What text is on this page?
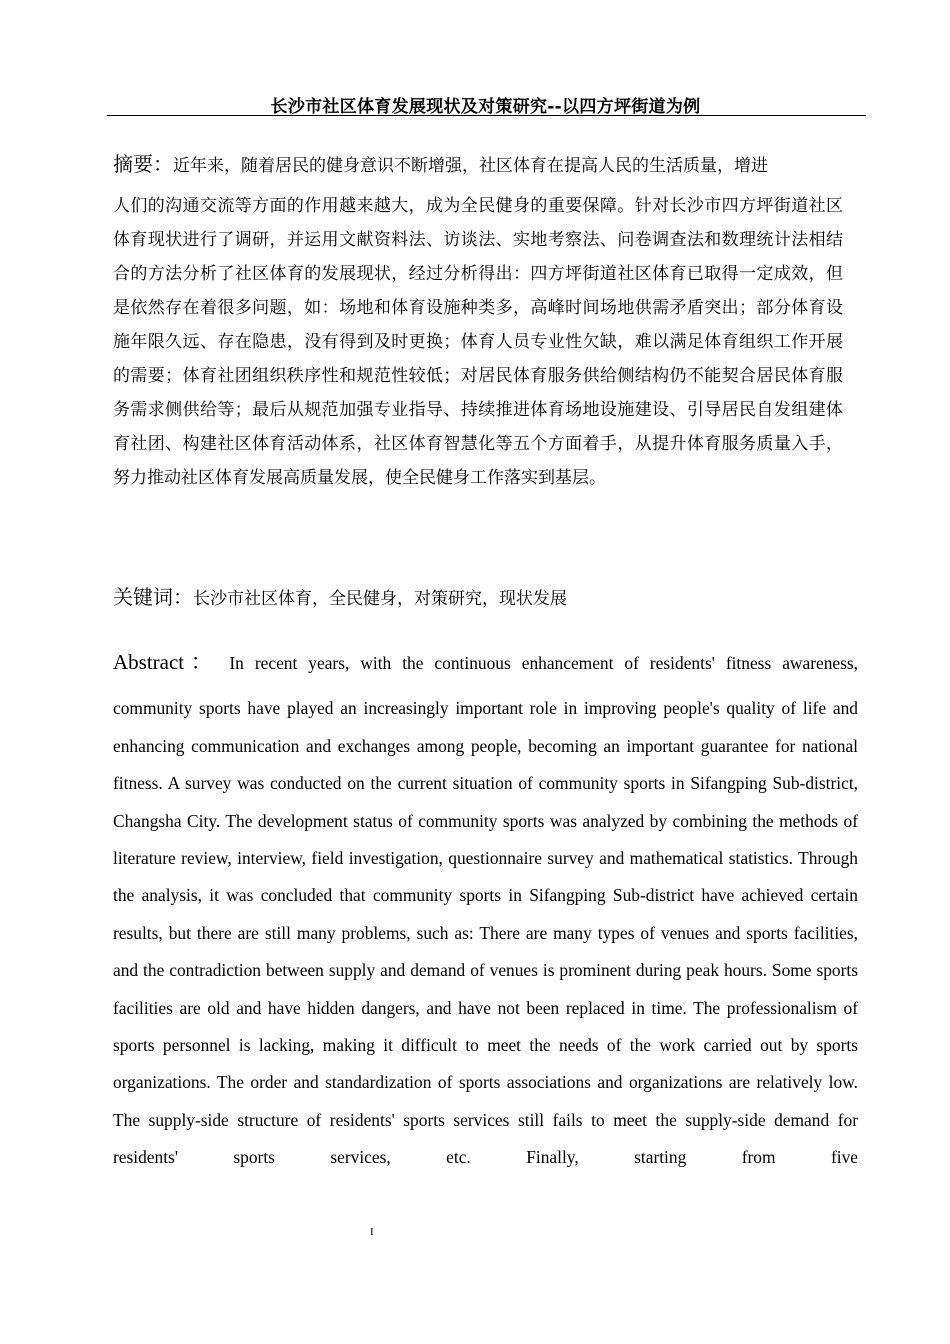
长沙市社区体育发展现状及对策研究--以四方坪街道为例
摘要：近年来，随着居民的健身意识不断增强，社区体育在提高人民的生活质量，增进
人们的沟通交流等方面的作用越来越大，成为全民健身的重要保障。针对长沙市四方坪街道社区体育现状进行了调研，并运用文献资料法、访谈法、实地考察法、问卷调查法和数理统计法相结合的方法分析了社区体育的发展现状，经过分析得出：四方坪街道社区体育已取得一定成效，但是依然存在着很多问题，如：场地和体育设施种类多，高峰时间场地供需矛盾突出；部分体育设施年限久远、存在隐患，没有得到及时更换；体育人员专业性欠缺，难以满足体育组织工作开展的需要；体育社团组织秩序性和规范性较低；对居民体育服务供给侧结构仍不能契合居民体育服务需求侧供给等；最后从规范加强专业指导、持续推进体育场地设施建设、引导居民自发组建体育社团、构建社区体育活动体系，社区体育智慧化等五个方面着手，从提升体育服务质量入手，努力推动社区体育发展高质量发展，使全民健身工作落实到基层。
关键词：长沙市社区体育，全民健身，对策研究，现状发展
Abstract： In recent years, with the continuous enhancement of residents' fitness awareness,
community sports have played an increasingly important role in improving people's quality of life and enhancing communication and exchanges among people, becoming an important guarantee for national fitness. A survey was conducted on the current situation of community sports in Sifangping Sub-district, Changsha City. The development status of community sports was analyzed by combining the methods of literature review, interview, field investigation, questionnaire survey and mathematical statistics. Through the analysis, it was concluded that community sports in Sifangping Sub-district have achieved certain results, but there are still many problems, such as: There are many types of venues and sports facilities, and the contradiction between supply and demand of venues is prominent during peak hours. Some sports facilities are old and have hidden dangers, and have not been replaced in time. The professionalism of sports personnel is lacking, making it difficult to meet the needs of the work carried out by sports organizations. The order and standardization of sports associations and organizations are relatively low. The supply-side structure of residents' sports services still fails to meet the supply-side demand for residents' sports services, etc. Finally, starting from five
I
